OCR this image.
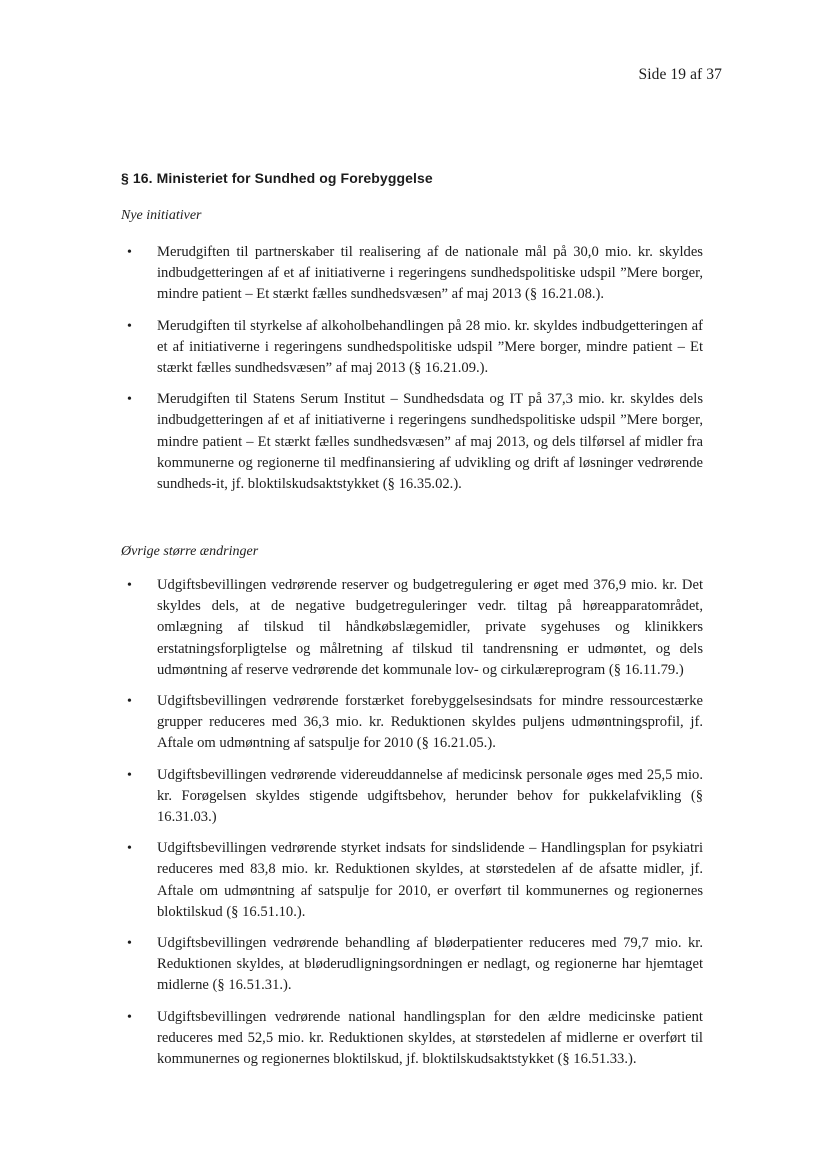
Side 19 af 37
§ 16. Ministeriet for Sundhed og Forebyggelse
Nye initiativer
• Merudgiften til partnerskaber til realisering af de nationale mål på 30,0 mio. kr. skyldes indbudgetteringen af et af initiativerne i regeringens sundhedspolitiske udspil ”Mere borger, mindre patient – Et stærkt fælles sundhedsvæsen” af maj 2013 (§ 16.21.08.).
• Merudgiften til styrkelse af alkoholbehandlingen på 28 mio. kr. skyldes indbudgetteringen af et af initiativerne i regeringens sundhedspolitiske udspil ”Mere borger, mindre patient – Et stærkt fælles sundhedsvæsen” af maj 2013 (§ 16.21.09.).
• Merudgiften til Statens Serum Institut – Sundhedsdata og IT på 37,3 mio. kr. skyldes dels indbudgetteringen af et af initiativerne i regeringens sundhedspolitiske udspil ”Mere borger, mindre patient – Et stærkt fælles sundhedsvæsen” af maj 2013, og dels tilførsel af midler fra kommunerne og regionerne til medfinansiering af udvikling og drift af løsninger vedrørende sundheds-it, jf. bloktilskudsaktstykket (§ 16.35.02.).
Øvrige større ændringer
• Udgiftsbevillingen vedrørende reserver og budgetregulering er øget med 376,9 mio. kr. Det skyldes dels, at de negative budgetreguleringer vedr. tiltag på høreapparatområdet, omlægning af tilskud til håndkøbslægemidler, private sygehuses og klinikkers erstatningsforpligtelse og målretning af tilskud til tandrensning er udmøntet, og dels udmøntning af reserve vedrørende det kommunale lov- og cirkulæreprogram (§ 16.11.79.)
• Udgiftsbevillingen vedrørende forstærket forebyggelsesindsats for mindre ressourcestærke grupper reduceres med 36,3 mio. kr. Reduktionen skyldes puljens udmøntningsprofil, jf. Aftale om udmøntning af satspulje for 2010 (§ 16.21.05.).
• Udgiftsbevillingen vedrørende videreuddannelse af medicinsk personale øges med 25,5 mio. kr. Forøgelsen skyldes stigende udgiftsbehov, herunder behov for pukkelafvikling (§ 16.31.03.)
• Udgiftsbevillingen vedrørende styrket indsats for sindslidende – Handlingsplan for psykiatri reduceres med 83,8 mio. kr. Reduktionen skyldes, at størstedelen af de afsatte midler, jf. Aftale om udmøntning af satspulje for 2010, er overført til kommunernes og regionernes bloktilskud (§ 16.51.10.).
• Udgiftsbevillingen vedrørende behandling af bløderpatienter reduceres med 79,7 mio. kr. Reduktionen skyldes, at bløderudligningsordningen er nedlagt, og regionerne har hjemtaget midlerne (§ 16.51.31.).
• Udgiftsbevillingen vedrørende national handlingsplan for den ældre medicinske patient reduceres med 52,5 mio. kr. Reduktionen skyldes, at størstedelen af midlerne er overført til kommunernes og regionernes bloktilskud, jf. bloktilskudsaktstykket (§ 16.51.33.).
